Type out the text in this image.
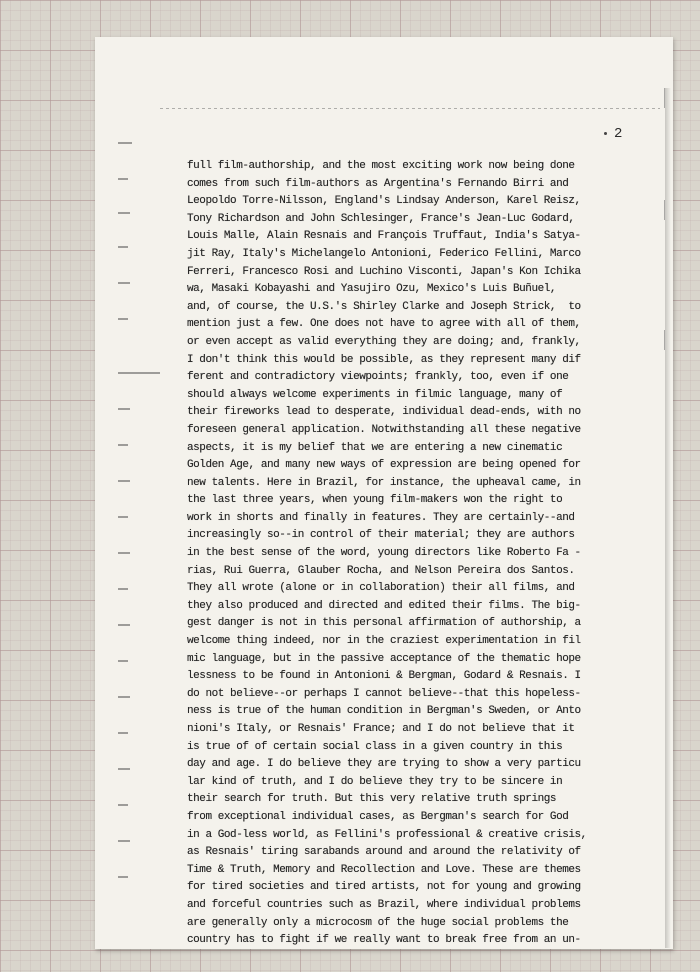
2
full film-authorship, and the most exciting work now being done
comes from such film-authors as Argentina's Fernando Birri and
Leopoldo Torre-Nilsson, England's Lindsay Anderson, Karel Reisz,
Tony Richardson and John Schlesinger, France's Jean-Luc Godard,
Louis Malle, Alain Resnais and François Truffaut, India's Satya-
jit Ray, Italy's Michelangelo Antonioni, Federico Fellini, Marco
Ferreri, Francesco Rosi and Luchino Visconti, Japan's Kon Ichika
wa, Masaki Kobayashi and Yasujiro Ozu, Mexico's Luis Buñuel,
and, of course, the U.S.'s Shirley Clarke and Joseph Strick,  to
mention just a few. One does not have to agree with all of them,
or even accept as valid everything they are doing; and, frankly,
I don't think this would be possible, as they represent many dif
ferent and contradictory viewpoints; frankly, too, even if one
should always welcome experiments in filmic language, many of
their fireworks lead to desperate, individual dead-ends, with no
foreseen general application. Notwithstanding all these negative
aspects, it is my belief that we are entering a new cinematic
Golden Age, and many new ways of expression are being opened for
new talents. Here in Brazil, for instance, the upheaval came, in
the last three years, when young film-makers won the right to
work in shorts and finally in features. They are certainly--and
increasingly so--in control of their material; they are authors
in the best sense of the word, young directors like Roberto Fa -
rias, Rui Guerra, Glauber Rocha, and Nelson Pereira dos Santos.
They all wrote (alone or in collaboration) their all films, and
they also produced and directed and edited their films. The big-
gest danger is not in this personal affirmation of authorship, a
welcome thing indeed, nor in the craziest experimentation in fil
mic language, but in the passive acceptance of the thematic hope
lessness to be found in Antonioni & Bergman, Godard & Resnais. I
do not believe--or perhaps I cannot believe--that this hopeless-
ness is true of the human condition in Bergman's Sweden, or Anto
nioni's Italy, or Resnais' France; and I do not believe that it
is true of of certain social class in a given country in this
day and age. I do believe they are trying to show a very particu
lar kind of truth, and I do believe they try to be sincere in
their search for truth. But this very relative truth springs
from exceptional individual cases, as Bergman's search for God
in a God-less world, as Fellini's professional & creative crisis,
as Resnais' tiring sarabands around and around the relativity of
Time & Truth, Memory and Recollection and Love. These are themes
for tired societies and tired artists, not for young and growing
and forceful countries such as Brazil, where individual problems
are generally only a microcosm of the huge social problems the
country has to fight if we really want to break free from an un-
